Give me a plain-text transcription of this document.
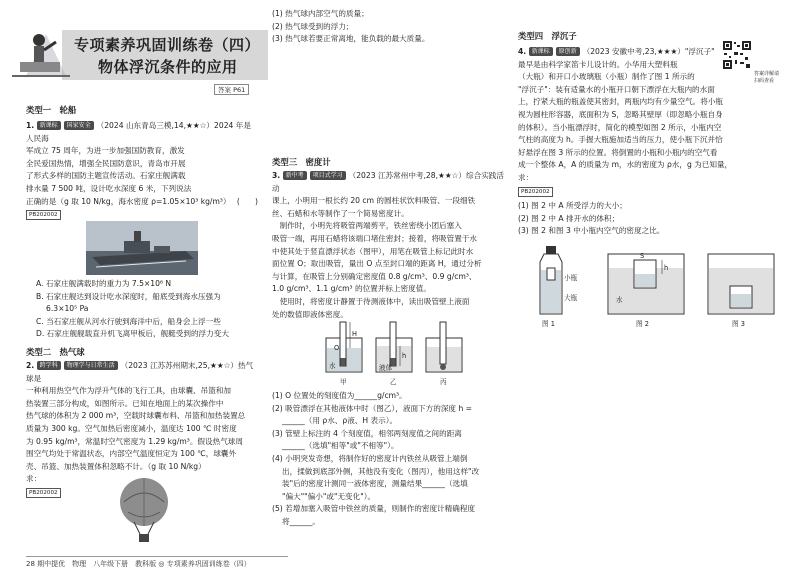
专项素养巩固训练卷（四）
物体浮沉条件的应用
答案 P61
类型一　轮船

1. 新课标 国家安全 （2024 山东青岛三模,14,★★☆）2024 年是人民海

军成立 75 周年，为进一步加强国防教育，激发

全民爱国热情，增强全民国防意识，青岛市开展

了形式多样的国防主题宣传活动。石家庄舰满载

排水量 7 500 吨，设计吃水深度 6 米，下列说法

正确的是（g 取 10 N/kg，海水密度 ρ=1.05×10³ kg/m³） (　　)

PB202002

A. 石家庄舰满载时的重力为 7.5×10⁶ N

B. 石家庄舰达到设计吃水深度时，船底受到海水压强为

　 6.3×10⁵ Pa

C. 当石家庄舰从河水行驶到海洋中后，船身会上浮一些

D. 石家庄舰舰载直升机飞离甲板后，舰艇受到的浮力变大

类型二　热气球

2. 跨学科 物理学与日常生活 （2023 江苏苏州期末,25,★★☆）热气球是

一种利用热空气作为浮升气体的飞行工具，由球囊、吊篮和加

热装置三部分构成，如图所示。已知在地面上的某次操作中

热气球的体积为 2 000 m³，空载时球囊布料、吊篮和加热装置总

质量为 300 kg。空气加热后密度减小，温度达 100 ℃ 时密度

为 0.95 kg/m³，常温时空气密度为 1.29 kg/m³。假设热气球周

围空气均处于常温状态，内部空气温度恒定为 100 ℃，球囊外

壳、吊篮、加热装置体积忽略不计。（g 取 10 N/kg）

求：

PB202002
28 期中提优　物理　八年级下册　教科版 ◎ 专项素养巩固训练卷（四）

(1) 热气球内部空气的质量；

(2) 热气球受到的浮力；

(3) 热气球若要正常离地，能负载的最大质量。

类型三　密度计

3. 新中考 项目式学习 （2023 江苏常州中考,28,★★☆）综合实践活动

课上，小明用一根长约 20 cm 的圆柱状饮料吸管、一段细铁

丝、石蜡和水等制作了一个简易密度计。

　制作时，小明先将吸管两端剪平，铁丝密绕小团后塞入

吸管一端，再用石蜡将该端口堵住密封；接着，将吸管置于水

中使其处于竖直漂浮状态（图甲），用笔在吸管上标记此时水

面位置 O；取出吸管，量出 O 点至封口端的距离 H，通过分析

与计算，在吸管上分别确定密度值 0.8 g/cm³、0.9 g/cm³、

1.0 g/cm³、1.1 g/cm³ 的位置并标上密度值。

　使用时，将密度计静置于待测液体中，读出吸管壁上液面

处的数值即液体密度。

O
H
水
h
液体
甲	乙	丙

(1) O 位置处的刻度值为______g/cm³。

(2) 吸管漂浮在其他液体中时（图乙），液面下方的深度 h =

　 ______（用 ρ水、ρ液、H 表示）。

(3) 管壁上标注的 4 个刻度值，相邻两刻度值之间的距离

　 ______（选填"相等"或"不相等"）。

(4) 小明突发奇想，将制作好的密度计内铁丝从吸管上端倒

　 出，揉做到底部外侧，其他没有变化（图丙），他用这样"改

　 装"后的密度计测同一液体密度，测量结果______（选填

　 "偏大""偏小"或"无变化"）。

(5) 若增加塞入吸管中铁丝的质量，则制作的密度计精确程度

　 将______。

类型四　浮沉子

4. 新课标 原创新 （2023 安徽中考,23,★★★）"浮沉子"

最早是由科学家笛卡儿设计的。小华用大塑料瓶

（大瓶）和开口小玻璃瓶（小瓶）制作了图 1 所示的

"浮沉子"：装有适量水的小瓶开口朝下漂浮在大瓶内的水面

上，拧紧大瓶的瓶盖使其密封，两瓶内均有少量空气。将小瓶

视为圆柱形容器，底面积为 S，忽略其壁厚（即忽略小瓶自身

的体积）。当小瓶漂浮时，简化的模型如图 2 所示，小瓶内空

气柱的高度为 h。手握大瓶施加适当的压力，使小瓶下沉并恰

好悬浮在图 3 所示的位置。将倒置的小瓶和小瓶内的空气看

成一个整体 A，A 的质量为 m，水的密度为 ρ水，g 为已知量，

求：

PB202002
答案详解请扫码查看

(1) 图 2 中 A 所受浮力的大小；

(2) 图 2 中 A 排开水的体积；

(3) 图 2 和图 3 中小瓶内空气的密度之比。

小瓶
大瓶
S
h
水
图 1	图 2	图 3
